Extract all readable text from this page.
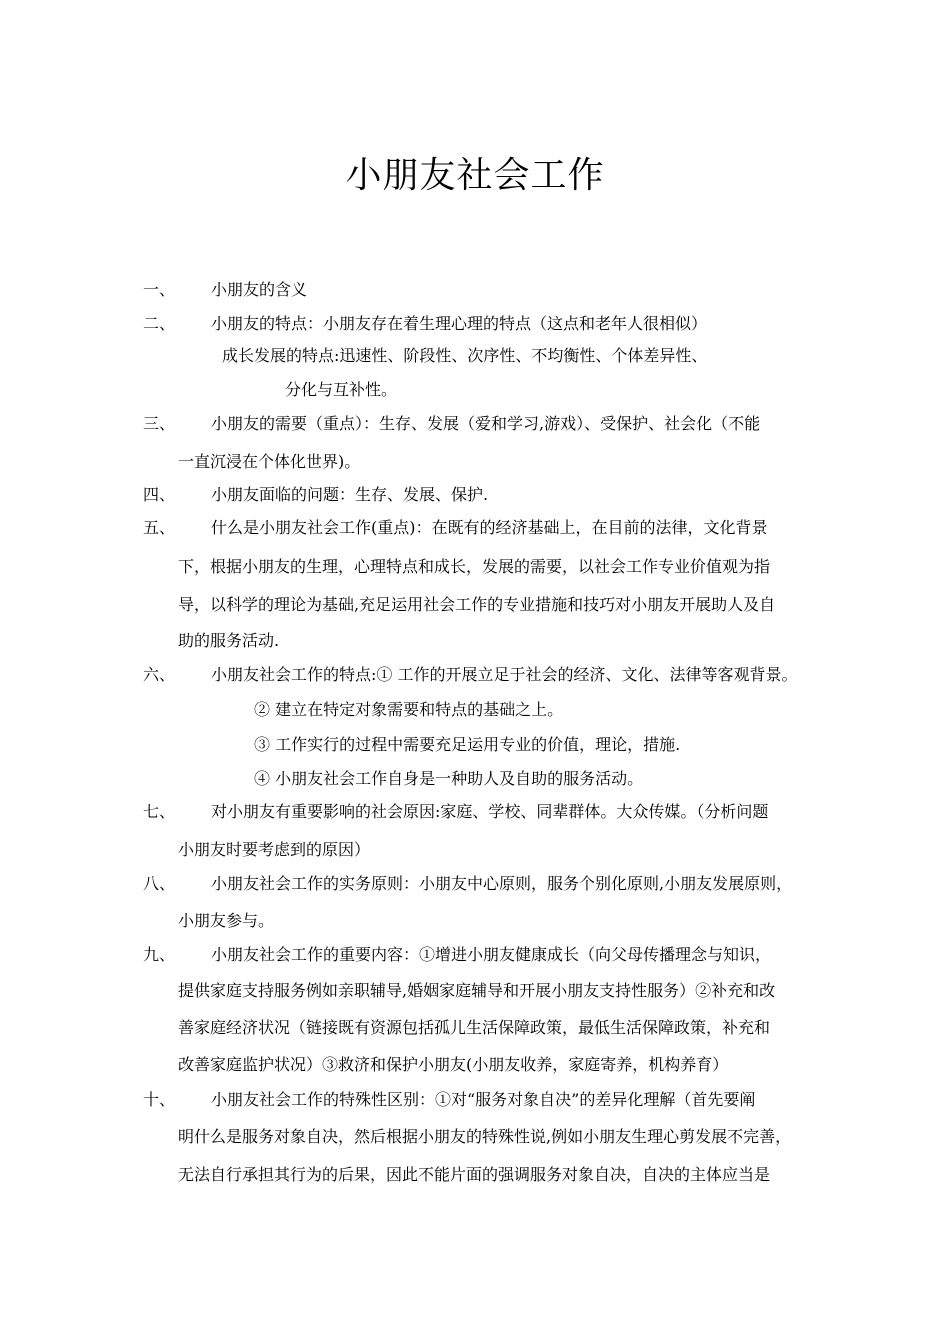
小朋友社会工作
一、 小朋友的含义
二、 小朋友的特点：小朋友存在着生理心理的特点（这点和老年人很相似）
成长发展的特点:迅速性、阶段性、次序性、不均衡性、个体差异性、
分化与互补性。
三、 小朋友的需要（重点）：生存、发展（爱和学习,游戏）、受保护、社会化（不能
一直沉浸在个体化世界)。
四、 小朋友面临的问题：生存、发展、保护.
五、 什么是小朋友社会工作(重点)：在既有的经济基础上，在目前的法律，文化背景
下，根据小朋友的生理，心理特点和成长，发展的需要，以社会工作专业价值观为指
导，以科学的理论为基础,充足运用社会工作的专业措施和技巧对小朋友开展助人及自
助的服务活动.
六、 小朋友社会工作的特点:① 工作的开展立足于社会的经济、文化、法律等客观背景。
② 建立在特定对象需要和特点的基础之上。
③ 工作实行的过程中需要充足运用专业的价值，理论，措施.
④ 小朋友社会工作自身是一种助人及自助的服务活动。
七、 对小朋友有重要影响的社会原因:家庭、学校、同辈群体。大众传媒。（分析问题
小朋友时要考虑到的原因）
八、 小朋友社会工作的实务原则：小朋友中心原则，服务个别化原则,小朋友发展原则，
小朋友参与。
九、 小朋友社会工作的重要内容：①增进小朋友健康成长（向父母传播理念与知识，
提供家庭支持服务例如亲职辅导,婚姻家庭辅导和开展小朋友支持性服务）②补充和改
善家庭经济状况（链接既有资源包括孤儿生活保障政策，最低生活保障政策，补充和
改善家庭监护状况）③救济和保护小朋友(小朋友收养，家庭寄养，机构养育）
十、 小朋友社会工作的特殊性区别：①对“服务对象自决”的差异化理解（首先要阐
明什么是服务对象自决，然后根据小朋友的特殊性说,例如小朋友生理心剪发展不完善，
无法自行承担其行为的后果，因此不能片面的强调服务对象自决，自决的主体应当是
